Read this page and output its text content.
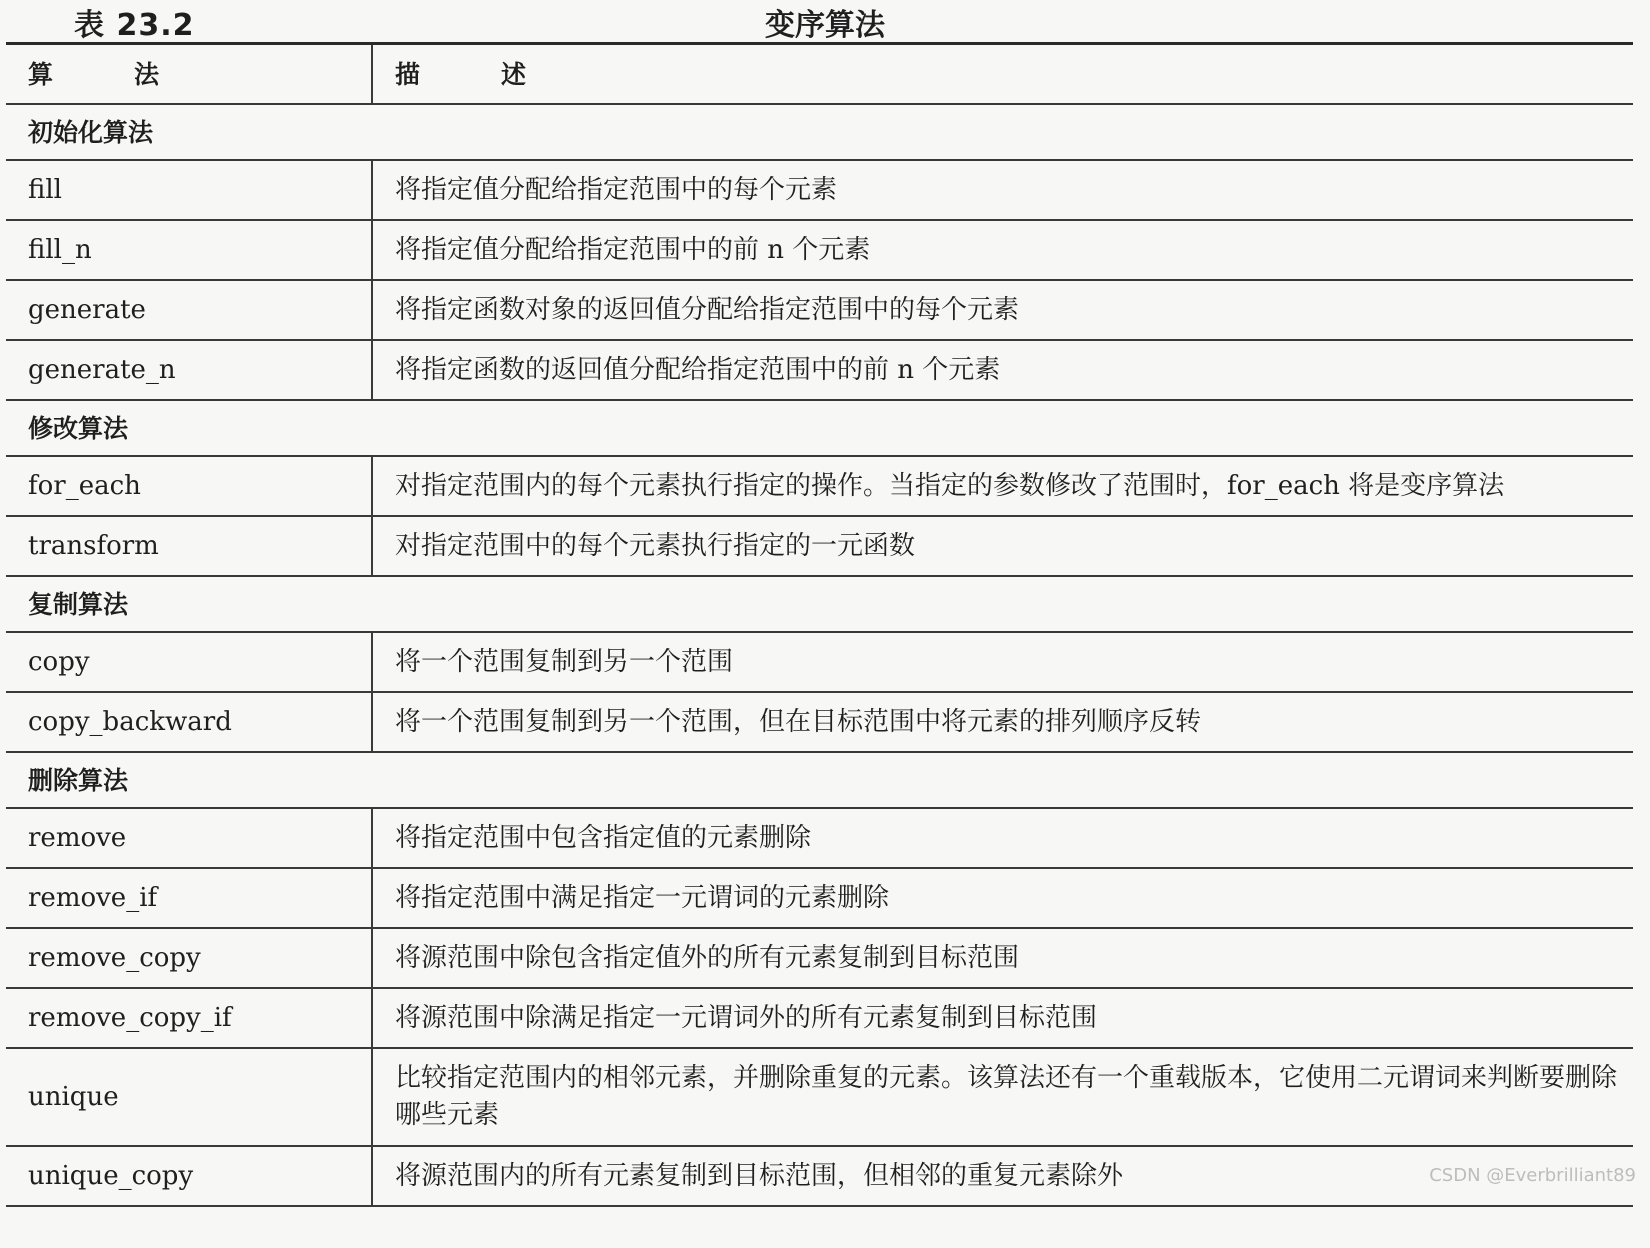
表 23.2	变序算法
算　法	描　述
初始化算法	
fill	将指定值分配给指定范围中的每个元素
fill_n	将指定值分配给指定范围中的前 n 个元素
generate	将指定函数对象的返回值分配给指定范围中的每个元素
generate_n	将指定函数的返回值分配给指定范围中的前 n 个元素
修改算法	
for_each	对指定范围内的每个元素执行指定的操作。当指定的参数修改了范围时，for_each 将是变序算法
transform	对指定范围中的每个元素执行指定的一元函数
复制算法	
copy	将一个范围复制到另一个范围
copy_backward	将一个范围复制到另一个范围，但在目标范围中将元素的排列顺序反转
删除算法	
remove	将指定范围中包含指定值的元素删除
remove_if	将指定范围中满足指定一元谓词的元素删除
remove_copy	将源范围中除包含指定值外的所有元素复制到目标范围
remove_copy_if	将源范围中除满足指定一元谓词外的所有元素复制到目标范围
unique	比较指定范围内的相邻元素，并删除重复的元素。该算法还有一个重载版本，它使用二元谓词来判断要删除哪些元素
unique_copy	将源范围内的所有元素复制到目标范围，但相邻的重复元素除外	CSDN @Everbrilliant89
